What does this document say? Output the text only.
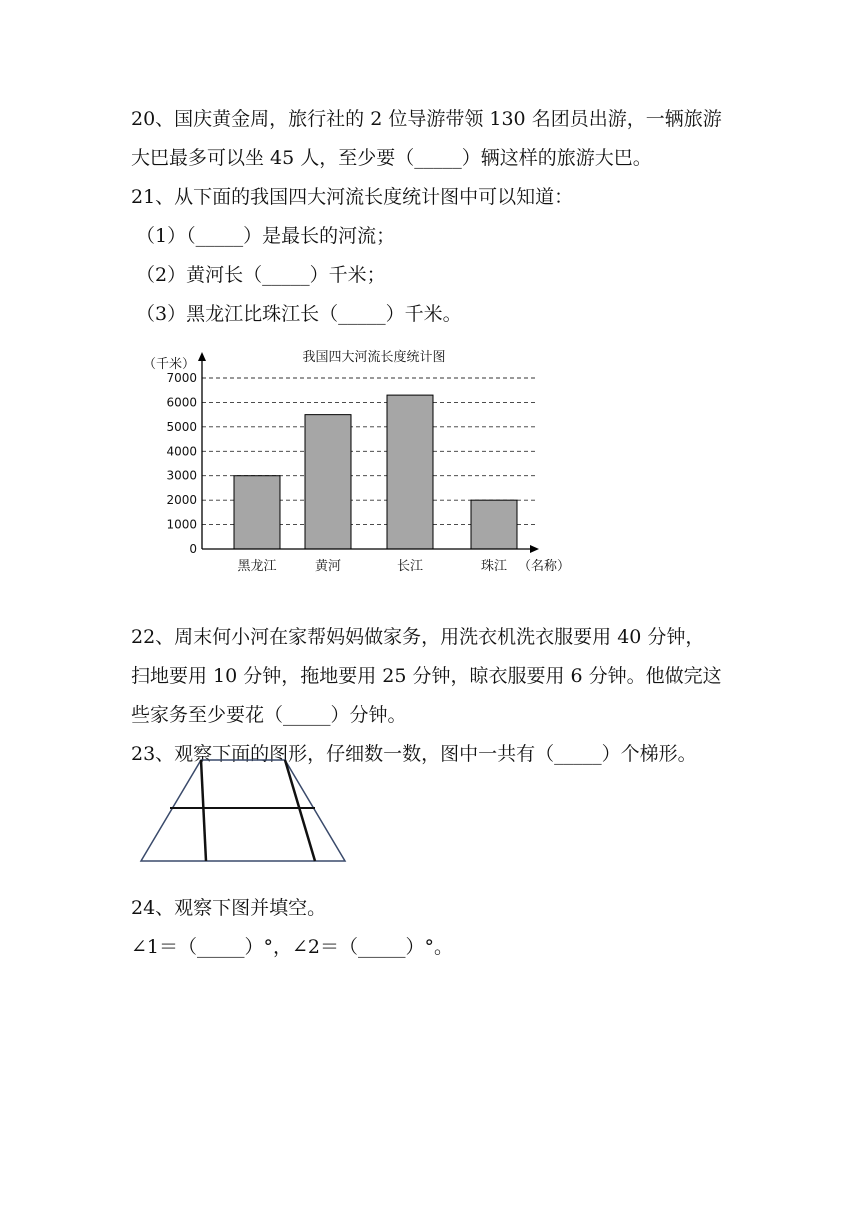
20、国庆黄金周，旅行社的 2 位导游带领 130 名团员出游，一辆旅游
大巴最多可以坐 45 人，至少要（_____）辆这样的旅游大巴。
21、从下面的我国四大河流长度统计图中可以知道：
（1）（_____）是最长的河流；
（2）黄河长（_____）千米；
（3）黑龙江比珠江长（_____）千米。
我国四大河流长度统计图
（千米）
（名称）
0
1000
2000
3000
4000
5000
6000
7000
黑龙江	黄河	长江	珠江
22、周末何小河在家帮妈妈做家务，用洗衣机洗衣服要用 40 分钟，
扫地要用 10 分钟，拖地要用 25 分钟，晾衣服要用 6 分钟。他做完这
些家务至少要花（_____）分钟。
23、观察下面的图形，仔细数一数，图中一共有（_____）个梯形。
24、观察下图并填空。
∠1＝（_____）°，∠2＝（_____）°。
